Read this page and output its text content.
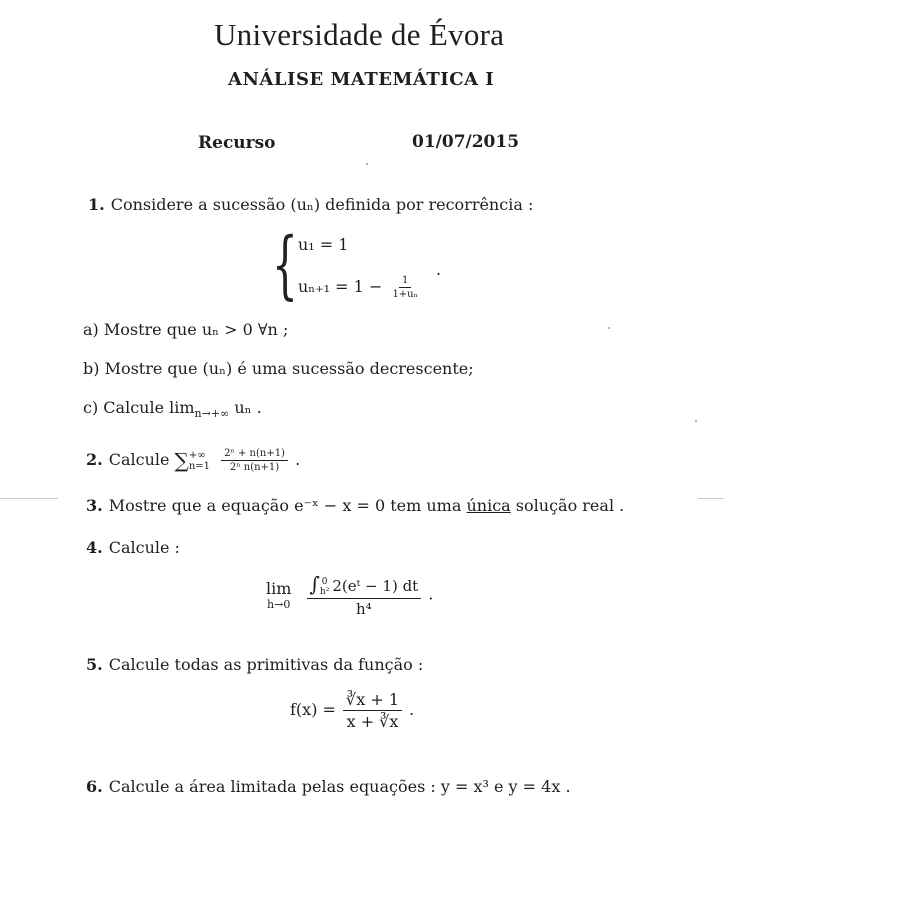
Universidade de Évora
ANÁLISE MATEMÁTICA I
Recurso	01/07/2015
1. Considere a sucessão (uₙ) definida por recorrência :
{ u₁ = 1
$u_{n+1} = 1 - \frac{1}{\text{1+uₙ}}$
.
a) Mostre que uₙ > 0 ∀n ;
b) Mostre que (uₙ) é uma sucessão decrescente;
c) Calcule $\lim_{n\to+\infty} u_n$ .
2. Calcule ∑ +∞
n=1
$\frac{\text{2ⁿ + n(n+1)}}{\text{2ⁿ n(n+1)}}$ .
3. Mostre que a equação e⁻ˣ − x = 0 tem uma única solução real .
4. Calcule :
lim
h→0
∫ 0
h² 2(eᵗ − 1) dt
h⁴ .
5. Calcule todas as primitivas da função :
$f(x) = \frac{∛x + 1}{x + ∛x}$ .
6. Calcule a área limitada pelas equações : y = x³ e y = 4x .
